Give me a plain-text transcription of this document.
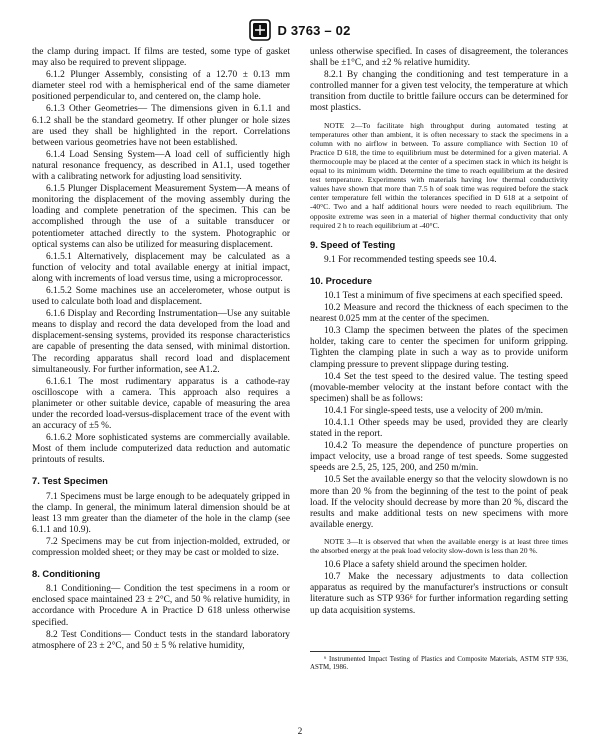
D 3763 – 02

the clamp during impact. If films are tested, some type of gasket may also be required to prevent slippage.

6.1.2 Plunger Assembly, consisting of a 12.70 ± 0.13 mm diameter steel rod with a hemispherical end of the same diameter positioned perpendicular to, and centered on, the clamp hole.

6.1.3 Other Geometries— The dimensions given in 6.1.1 and 6.1.2 shall be the standard geometry. If other plunger or hole sizes are used they shall be highlighted in the report. Correlations between various geometries have not been established.

6.1.4 Load Sensing System—A load cell of sufficiently high natural resonance frequency, as described in A1.1, used together with a calibrating network for adjusting load sensitivity.

6.1.5 Plunger Displacement Measurement System—A means of monitoring the displacement of the moving assembly during the loading and complete penetration of the specimen. This can be accomplished through the use of a suitable transducer or potentiometer attached directly to the system. Photographic or optical systems can also be utilized for measuring displacement.

6.1.5.1 Alternatively, displacement may be calculated as a function of velocity and total available energy at initial impact, along with increments of load versus time, using a microprocessor.

6.1.5.2 Some machines use an accelerometer, whose output is used to calculate both load and displacement.

6.1.6 Display and Recording Instrumentation—Use any suitable means to display and record the data developed from the load and displacement-sensing systems, provided its response characteristics are capable of presenting the data sensed, with minimal distortion. The recording apparatus shall record load and displacement simultaneously. For further information, see A1.2.

6.1.6.1 The most rudimentary apparatus is a cathode-ray oscilloscope with a camera. This approach also requires a planimeter or other suitable device, capable of measuring the area under the recorded load-versus-displacement trace of the event with an accuracy of ±5 %.

6.1.6.2 More sophisticated systems are commercially available. Most of them include computerized data reduction and automatic printouts of results.

7. Test Specimen

7.1 Specimens must be large enough to be adequately gripped in the clamp. In general, the minimum lateral dimension should be at least 13 mm greater than the diameter of the hole in the clamp (see 6.1.1 and 10.9).

7.2 Specimens may be cut from injection-molded, extruded, or compression molded sheet; or they may be cast or molded to size.

8. Conditioning

8.1 Conditioning— Condition the test specimens in a room or enclosed space maintained 23 ± 2°C, and 50 % relative humidity, in accordance with Procedure A in Practice D 618 unless otherwise specified.

8.2 Test Conditions— Conduct tests in the standard laboratory atmosphere of 23 ± 2°C, and 50 ± 5 % relative humidity,

unless otherwise specified. In cases of disagreement, the tolerances shall be ±1°C, and ±2 % relative humidity.

8.2.1 By changing the conditioning and test temperature in a controlled manner for a given test velocity, the temperature at which transition from ductile to brittle failure occurs can be determined for most plastics.

NOTE 2—To facilitate high throughput during automated testing at temperatures other than ambient, it is often necessary to stack the specimens in a column with no airflow in between. To assure compliance with Section 10 of Practice D 618, the time to equilibrium must be determined for a given material. A thermocouple may be placed at the center of a specimen stack in which its height is equal to its minimum width. Determine the time to reach equilibrium at the desired test temperature. Experiments with materials having low thermal conductivity values have shown that more than 7.5 h of soak time was required before the stack center temperature fell within the tolerances specified in D 618 at a setpoint of -40°C. Two and a half additional hours were needed to reach equilibrium. The opposite extreme was seen in a material of higher thermal conductivity that only required 2 h to reach equilibrium at -40°C.

9. Speed of Testing

9.1 For recommended testing speeds see 10.4.

10. Procedure

10.1 Test a minimum of five specimens at each specified speed.

10.2 Measure and record the thickness of each specimen to the nearest 0.025 mm at the center of the specimen.

10.3 Clamp the specimen between the plates of the specimen holder, taking care to center the specimen for uniform gripping. Tighten the clamping plate in such a way as to provide uniform clamping pressure to prevent slippage during testing.

10.4 Set the test speed to the desired value. The testing speed (movable-member velocity at the instant before contact with the specimen) shall be as follows:

10.4.1 For single-speed tests, use a velocity of 200 m/min.

10.4.1.1 Other speeds may be used, provided they are clearly stated in the report.

10.4.2 To measure the dependence of puncture properties on impact velocity, use a broad range of test speeds. Some suggested speeds are 2.5, 25, 125, 200, and 250 m/min.

10.5 Set the available energy so that the velocity slowdown is no more than 20 % from the beginning of the test to the point of peak load. If the velocity should decrease by more than 20 %, discard the results and make additional tests on new specimens with more available energy.

NOTE 3—It is observed that when the available energy is at least three times the absorbed energy at the peak load velocity slow-down is less than 20 %.

10.6 Place a safety shield around the specimen holder.

10.7 Make the necessary adjustments to data collection apparatus as required by the manufacturer's instructions or consult literature such as STP 936⁶ for further information regarding setting up data acquisition systems.

⁶ Instrumented Impact Testing of Plastics and Composite Materials, ASTM STP 936, ASTM, 1986.

2
